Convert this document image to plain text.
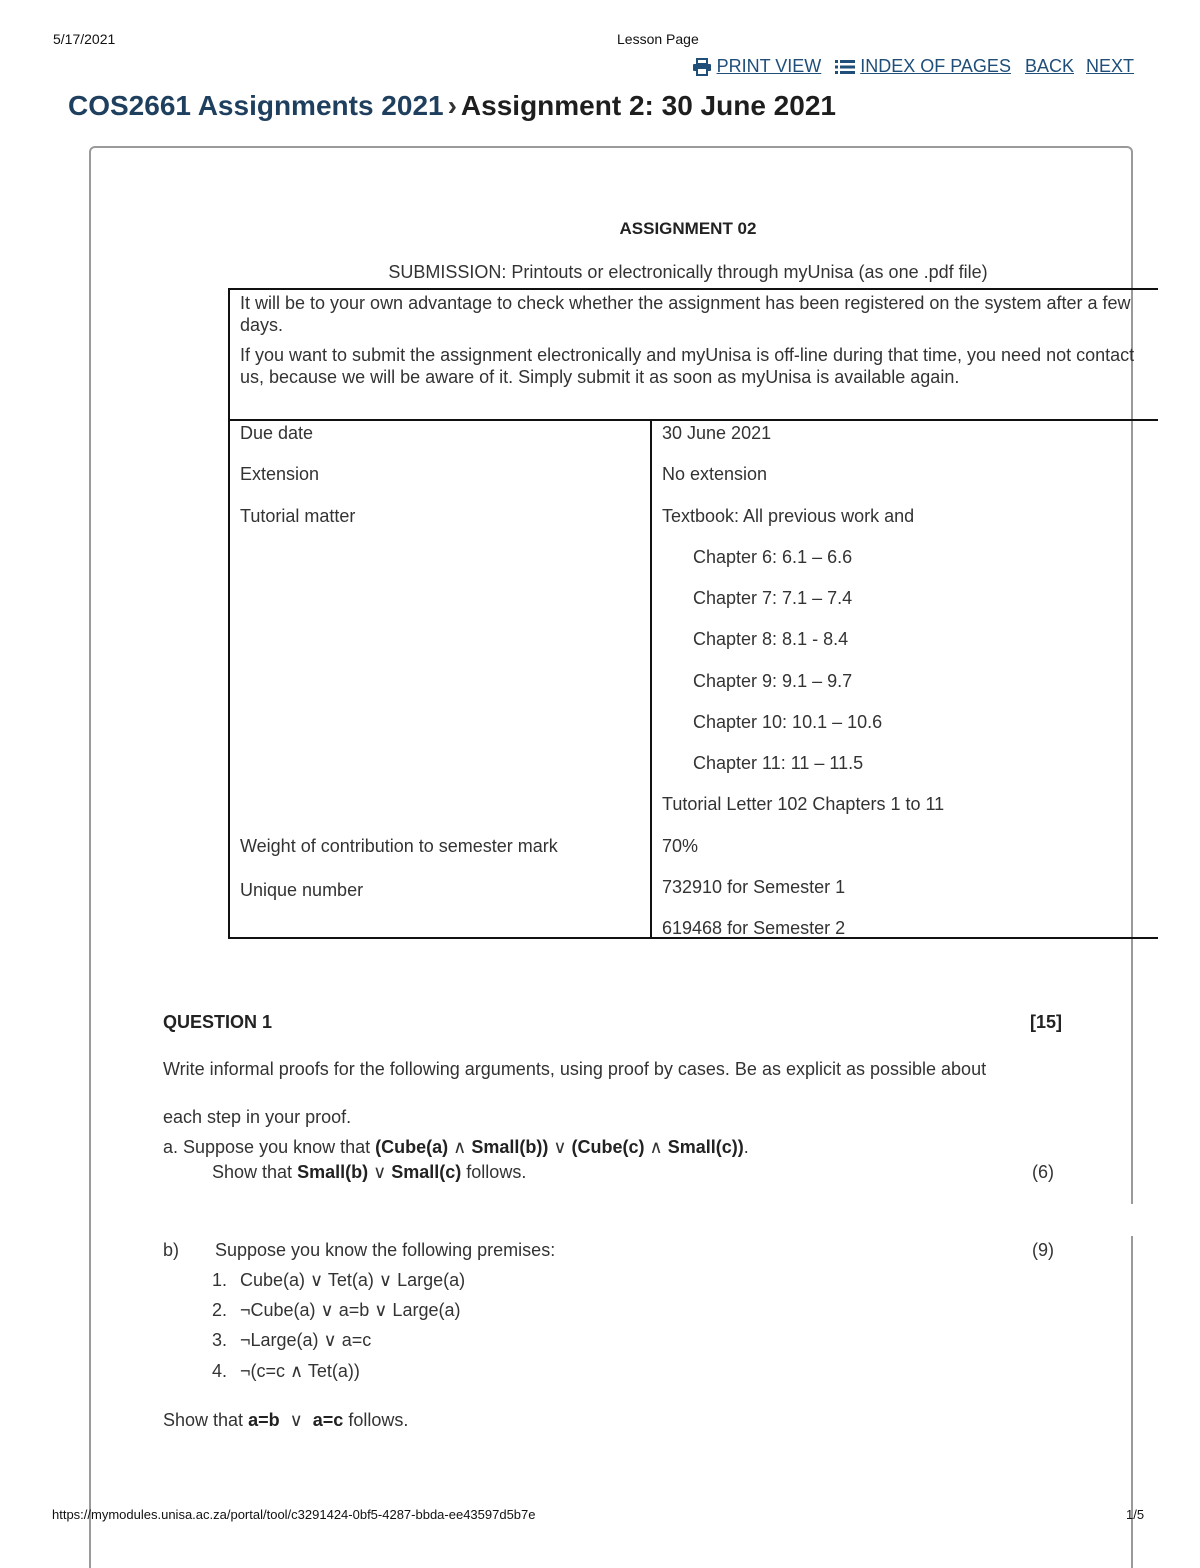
5/17/2021	Lesson Page
PRINT VIEW INDEX OF PAGES BACK NEXT
COS2661 Assignments 2021 › Assignment 2: 30 June 2021
ASSIGNMENT 02
SUBMISSION: Printouts or electronically through myUnisa (as one .pdf file)

It will be to your own advantage to check whether the assignment has been registered on the system after a few days.

If you want to submit the assignment electronically and myUnisa is off-line during that time, you need not contact us, because we will be aware of it. Simply submit it as soon as myUnisa is available again.

Due date	30 June 2021
Extension	No extension
Tutorial matter	Textbook: All previous work and
Chapter 6: 6.1 – 6.6
Chapter 7: 7.1 – 7.4
Chapter 8: 8.1 - 8.4
Chapter 9: 9.1 – 9.7
Chapter 10: 10.1 – 10.6
Chapter 11: 11 – 11.5
Tutorial Letter 102 Chapters 1 to 11
Weight of contribution to semester mark	70%
Unique number	732910 for Semester 1
619468 for Semester 2
QUESTION 1	[15]
Write informal proofs for the following arguments, using proof by cases. Be as explicit as possible about
each step in your proof.
a. Suppose you know that (Cube(a) ∧ Small(b)) ∨ (Cube(c) ∧ Small(c)).
Show that Small(b) ∨ Small(c) follows.	(6)
b) Suppose you know the following premises:	(9)
1. Cube(a) ∨ Tet(a) ∨ Large(a)
2. ¬Cube(a) ∨ a=b ∨ Large(a)
3. ¬Large(a) ∨ a=c
4. ¬(c=c ∧ Tet(a))
Show that a=b  ∨  a=c follows.
https://mymodules.unisa.ac.za/portal/tool/c3291424-0bf5-4287-bbda-ee43597d5b7e	1/5
